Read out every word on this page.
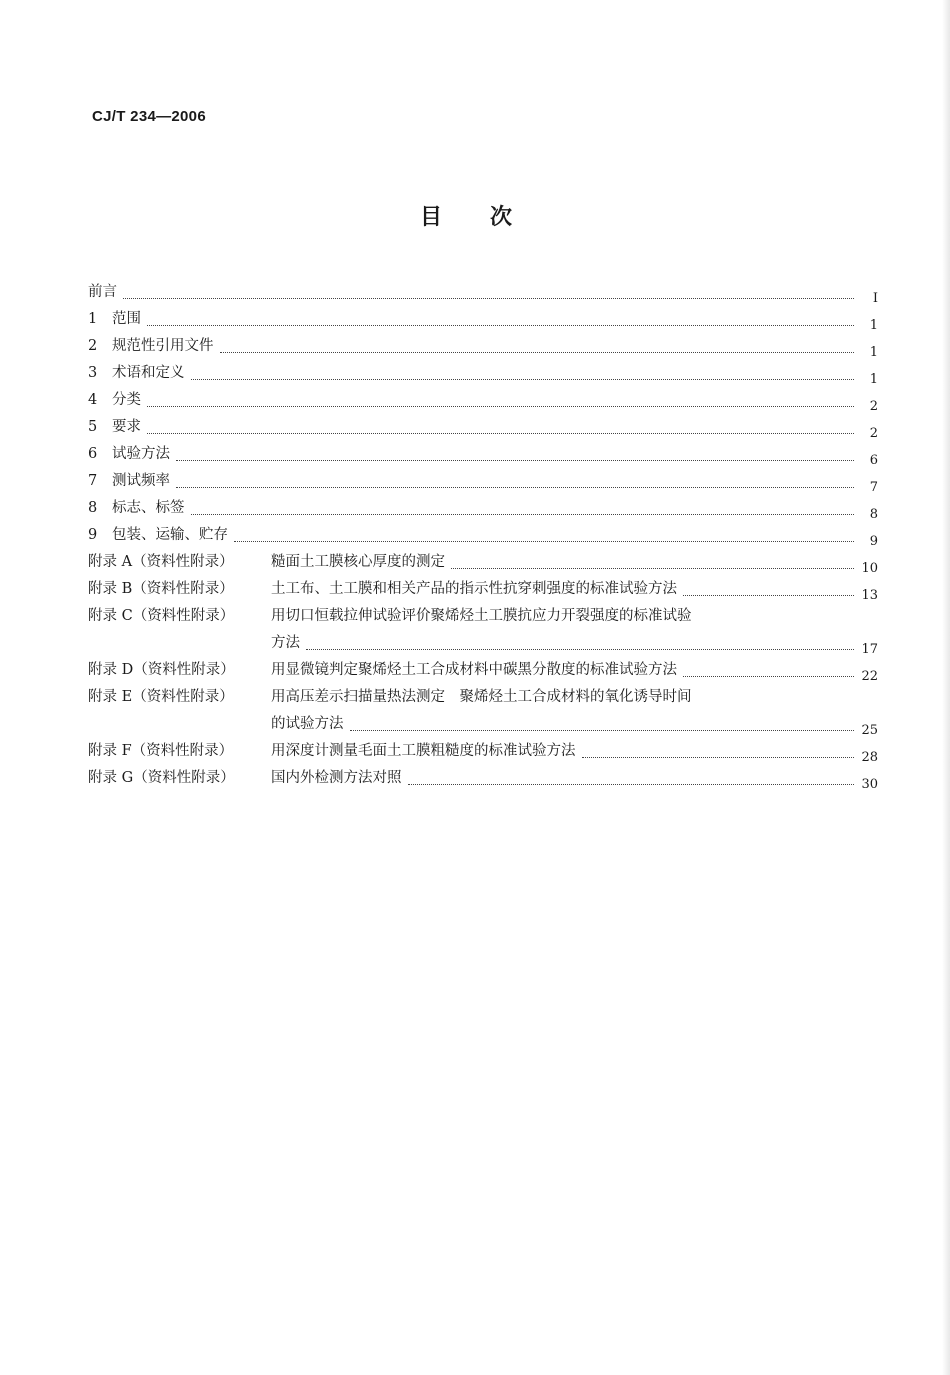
CJ/T 234—2006
目次
前言	I
1	范围	1
2	规范性引用文件	1
3	术语和定义	1
4	分类	2
5	要求	2
6	试验方法	6
7	测试频率	7
8	标志、标签	8
9	包装、运输、贮存	9
附录 A（资料性附录）	糙面土工膜核心厚度的测定	10
附录 B（资料性附录）	土工布、土工膜和相关产品的指示性抗穿刺强度的标准试验方法	13
附录 C（资料性附录）	用切口恒载拉伸试验评价聚烯烃土工膜抗应力开裂强度的标准试验
方法	17
附录 D（资料性附录）	用显微镜判定聚烯烃土工合成材料中碳黑分散度的标准试验方法	22
附录 E（资料性附录）	用高压差示扫描量热法测定　聚烯烃土工合成材料的氧化诱导时间
的试验方法	25
附录 F（资料性附录）	用深度计测量毛面土工膜粗糙度的标准试验方法	28
附录 G（资料性附录）	国内外检测方法对照	30
